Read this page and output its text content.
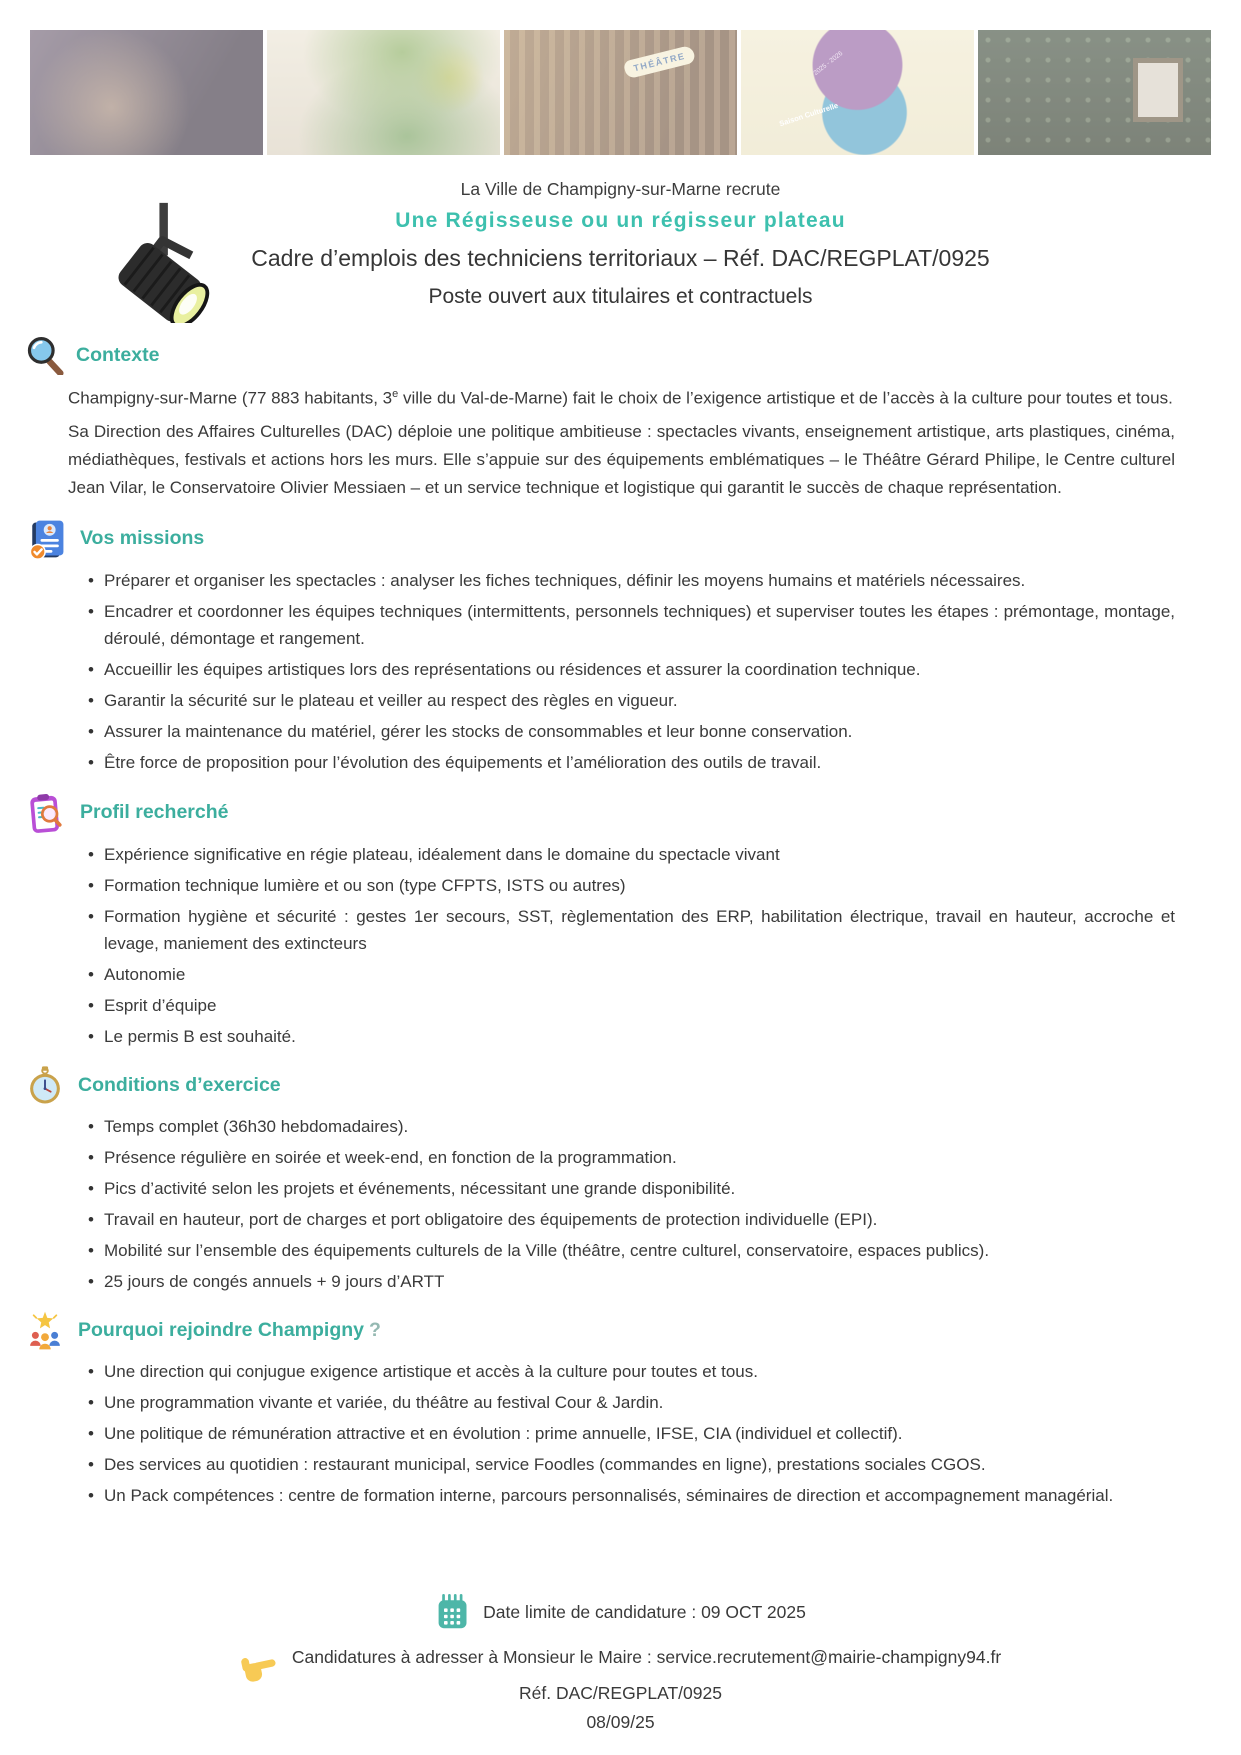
THÉÂTRE	2025 - 2026
Saison Culturelle
La Ville de Champigny-sur-Marne recrute
Une Régisseuse ou un régisseur plateau
Cadre d’emplois des techniciens territoriaux – Réf. DAC/REGPLAT/0925
Poste ouvert aux titulaires et contractuels
Contexte

Champigny-sur-Marne (77 883 habitants, 3e ville du Val-de-Marne) fait le choix de l’exigence artistique et de l’accès à la culture pour toutes et tous.

Sa Direction des Affaires Culturelles (DAC) déploie une politique ambitieuse : spectacles vivants, enseignement artistique, arts plastiques, cinéma, médiathèques, festivals et actions hors les murs. Elle s’appuie sur des équipements emblématiques – le Théâtre Gérard Philipe, le Centre culturel Jean Vilar, le Conservatoire Olivier Messiaen – et un service technique et logistique qui garantit le succès de chaque représentation.

Vos missions
• Préparer et organiser les spectacles : analyser les fiches techniques, définir les moyens humains et matériels nécessaires.
• Encadrer et coordonner les équipes techniques (intermittents, personnels techniques) et superviser toutes les étapes : prémontage, montage, déroulé, démontage et rangement.
• Accueillir les équipes artistiques lors des représentations ou résidences et assurer la coordination technique.
• Garantir la sécurité sur le plateau et veiller au respect des règles en vigueur.
• Assurer la maintenance du matériel, gérer les stocks de consommables et leur bonne conservation.
• Être force de proposition pour l’évolution des équipements et l’amélioration des outils de travail.
Profil recherché
• Expérience significative en régie plateau, idéalement dans le domaine du spectacle vivant
• Formation technique lumière et ou son (type CFPTS, ISTS ou autres)
• Formation hygiène et sécurité : gestes 1er secours, SST, règlementation des ERP, habilitation électrique, travail en hauteur, accroche et levage, maniement des extincteurs
• Autonomie
• Esprit d’équipe
• Le permis B est souhaité.
Conditions d’exercice
• Temps complet (36h30 hebdomadaires).
• Présence régulière en soirée et week-end, en fonction de la programmation.
• Pics d’activité selon les projets et événements, nécessitant une grande disponibilité.
• Travail en hauteur, port de charges et port obligatoire des équipements de protection individuelle (EPI).
• Mobilité sur l’ensemble des équipements culturels de la Ville (théâtre, centre culturel, conservatoire, espaces publics).
• 25 jours de congés annuels + 9 jours d’ARTT
Pourquoi rejoindre Champigny ?
• Une direction qui conjugue exigence artistique et accès à la culture pour toutes et tous.
• Une programmation vivante et variée, du théâtre au festival Cour & Jardin.
• Une politique de rémunération attractive et en évolution : prime annuelle, IFSE, CIA (individuel et collectif).
• Des services au quotidien : restaurant municipal, service Foodles (commandes en ligne), prestations sociales CGOS.
• Un Pack compétences : centre de formation interne, parcours personnalisés, séminaires de direction et accompagnement managérial.
Date limite de candidature : 09 OCT 2025
Candidatures à adresser à Monsieur le Maire : service.recrutement@mairie-champigny94.fr
Réf. DAC/REGPLAT/0925
08/09/25
